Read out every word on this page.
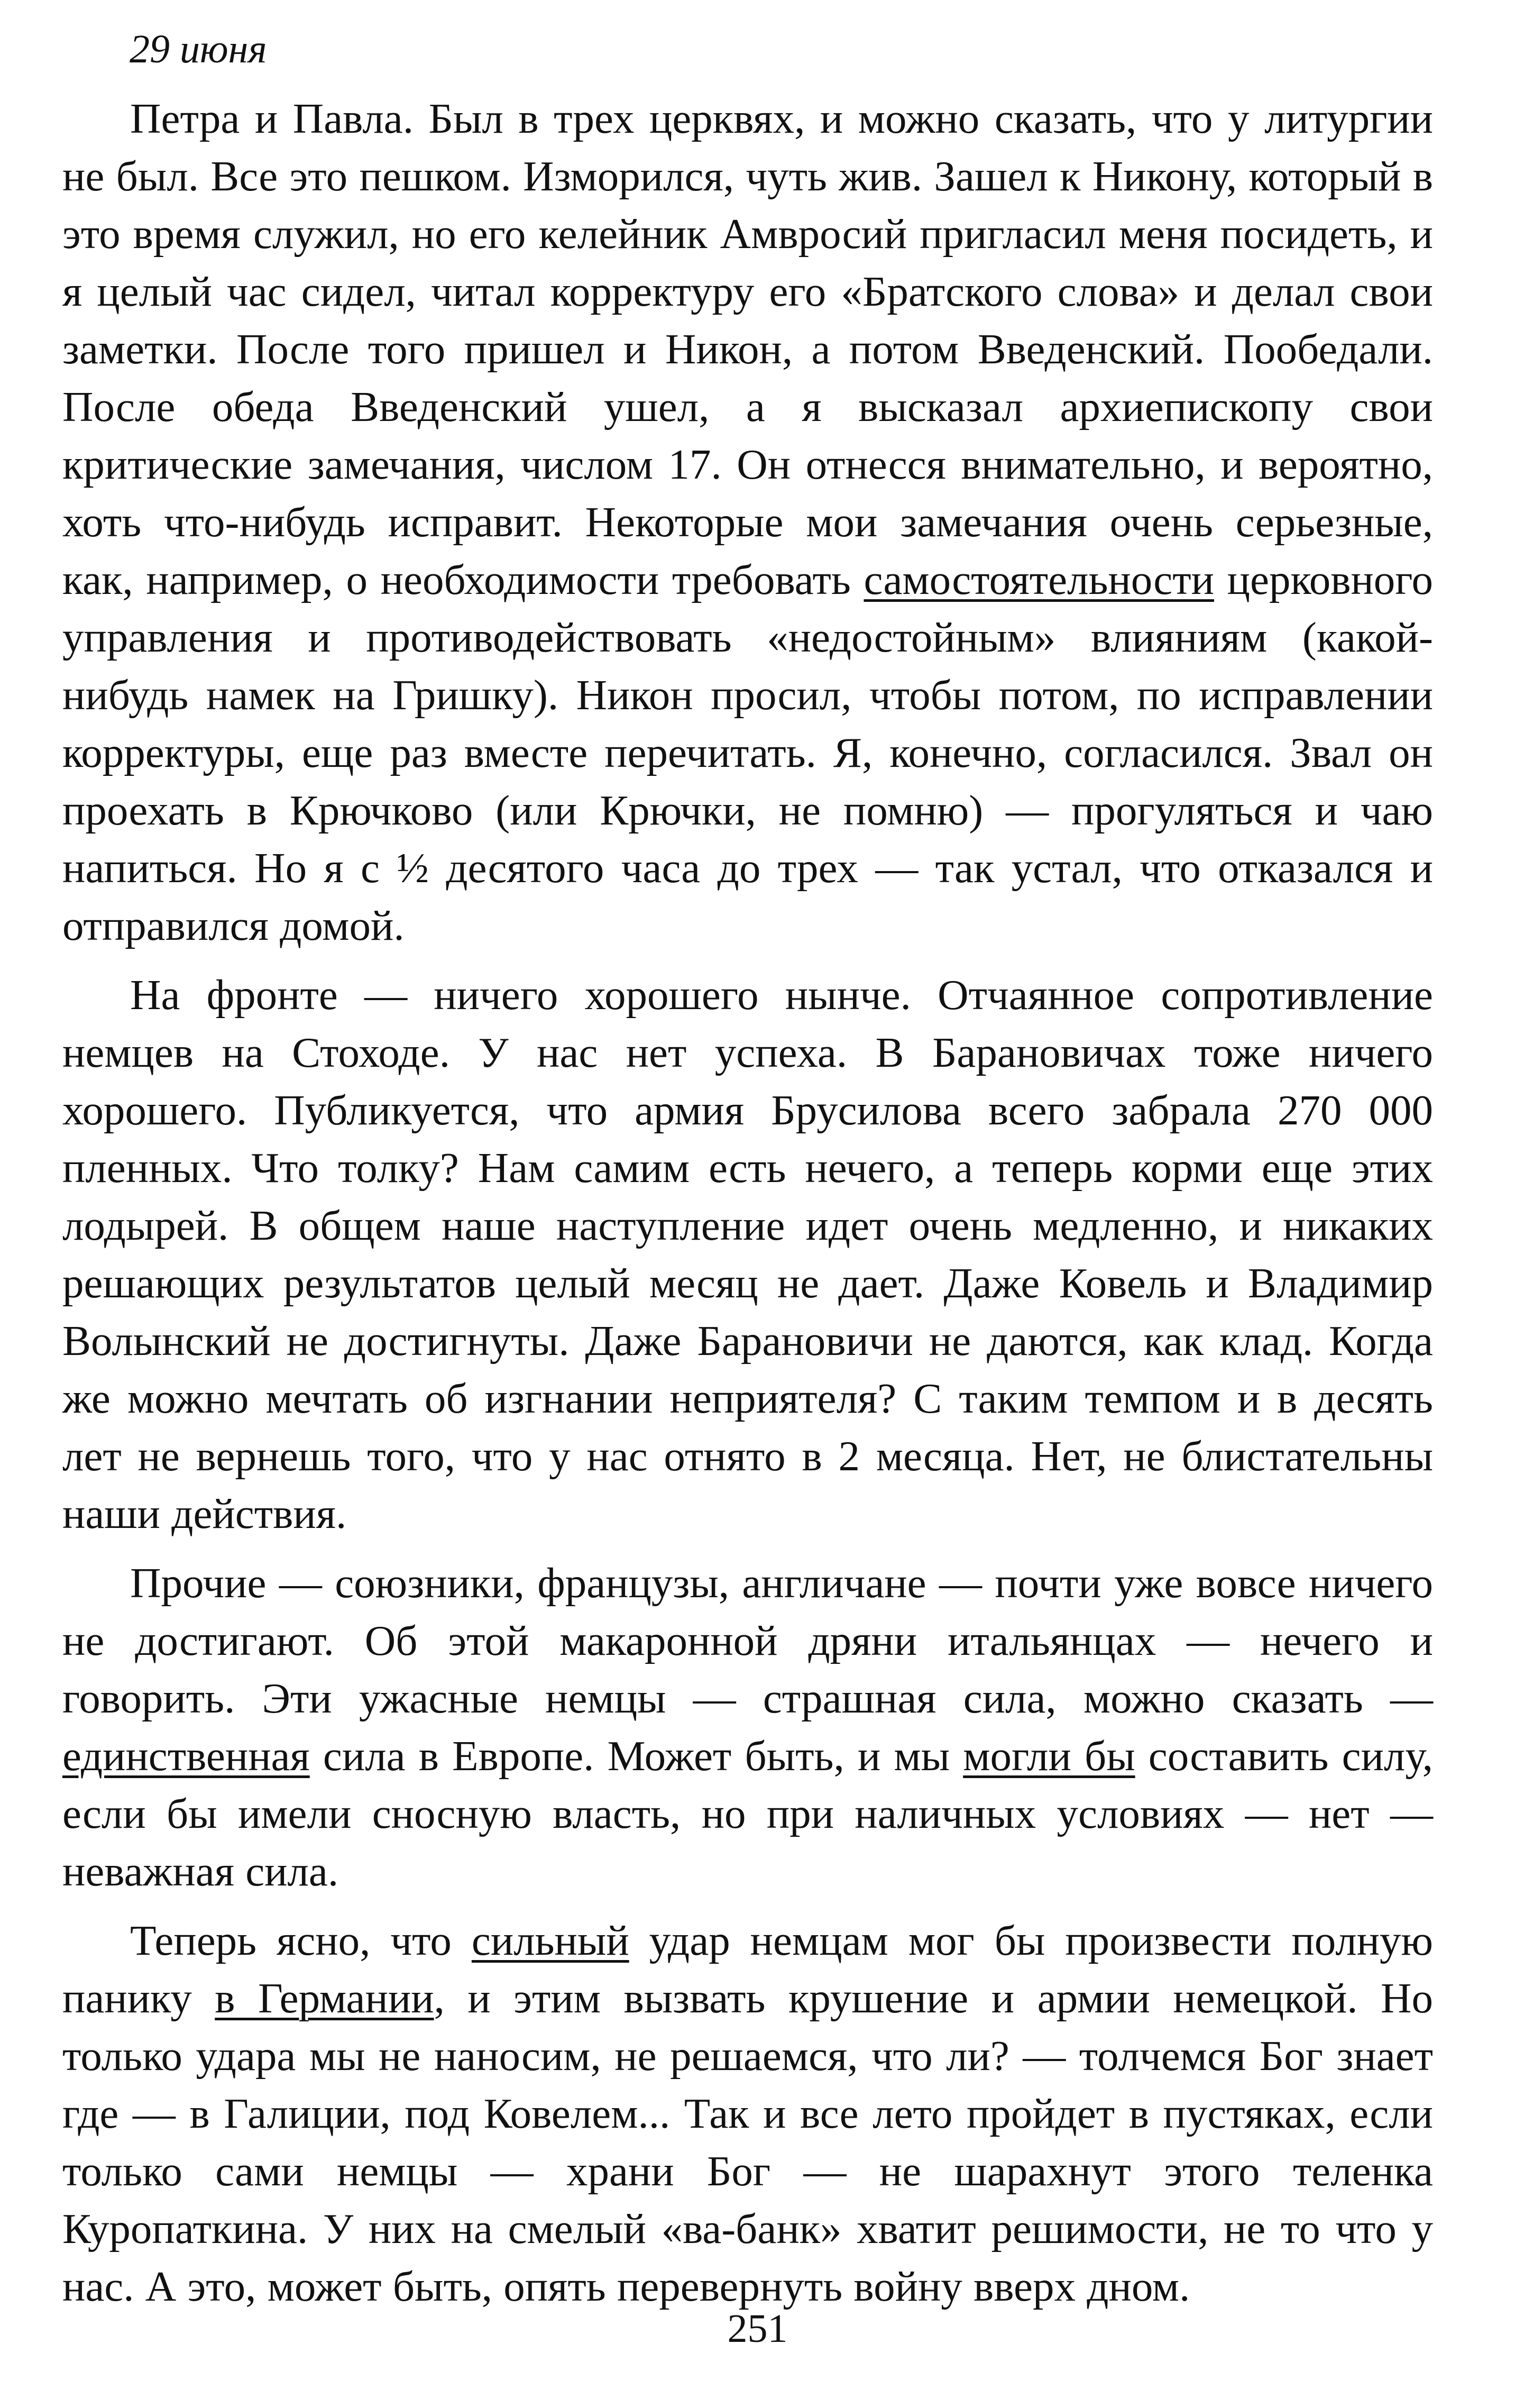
29 июня

Петра и Павла. Был в трех церквях, и можно сказать, что у литургии не был. Все это пешком. Изморился, чуть жив. Зашел к Никону, который в это время служил, но его келейник Амвросий пригласил меня посидеть, и я целый час сидел, читал корректуру его «Братского слова» и делал свои заметки. После того пришел и Никон, а потом Введенский. Пообедали. После обеда Введенский ушел, а я высказал архиепископу свои критические замечания, числом 17. Он отнесся внимательно, и вероятно, хоть что-нибудь исправит. Некоторые мои замечания очень серьезные, как, например, о необходимости требовать самостоятельности церковного управления и противодействовать «недостойным» влияниям (какой-нибудь намек на Гришку). Никон просил, чтобы потом, по исправлении корректуры, еще раз вместе перечитать. Я, конечно, согласился. Звал он проехать в Крючково (или Крючки, не помню) — прогуляться и чаю напиться. Но я с ½ десятого часа до трех — так устал, что отказался и отправился домой.

На фронте — ничего хорошего нынче. Отчаянное сопротивление немцев на Стоходе. У нас нет успеха. В Барановичах тоже ничего хорошего. Публикуется, что армия Брусилова всего забрала 270 000 пленных. Что толку? Нам самим есть нечего, а теперь корми еще этих лодырей. В общем наше наступление идет очень медленно, и никаких решающих результатов целый месяц не дает. Даже Ковель и Владимир Волынский не достигнуты. Даже Барановичи не даются, как клад. Когда же можно мечтать об изгнании неприятеля? С таким темпом и в десять лет не вернешь того, что у нас отнято в 2 месяца. Нет, не блистательны наши действия.

Прочие — союзники, французы, англичане — почти уже вовсе ничего не достигают. Об этой макаронной дряни итальянцах — нечего и говорить. Эти ужасные немцы — страшная сила, можно сказать — единственная сила в Европе. Может быть, и мы могли бы составить силу, если бы имели сносную власть, но при наличных условиях — нет — неважная сила.

Теперь ясно, что сильный удар немцам мог бы произвести полную панику в Германии, и этим вызвать крушение и армии немецкой. Но только удара мы не наносим, не решаемся, что ли? — толчемся Бог знает где — в Галиции, под Ковелем... Так и все лето пройдет в пустяках, если только сами немцы — храни Бог — не шарахнут этого теленка Куропаткина. У них на смелый «ва-банк» хватит решимости, не то что у нас. А это, может быть, опять перевернуть войну вверх дном.

251
